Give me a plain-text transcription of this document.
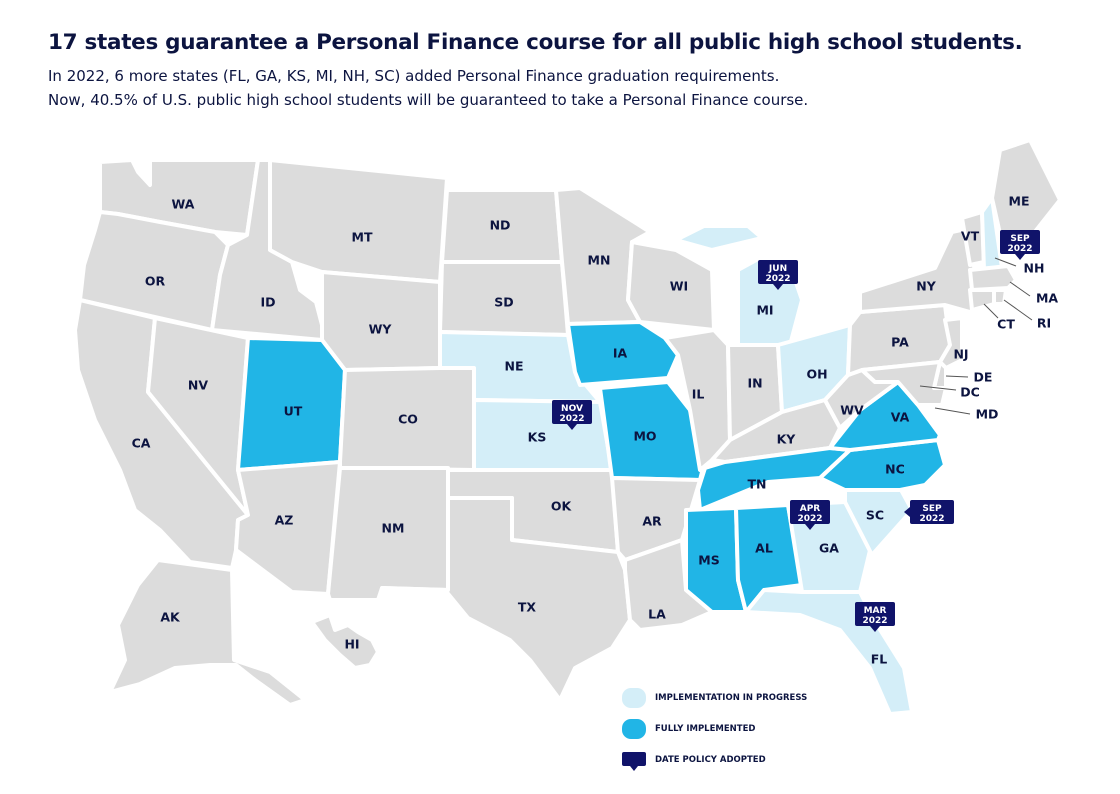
17 states guarantee a Personal Finance course for all public high school students.

In 2022, 6 more states (FL, GA, KS, MI, NH, SC) added Personal Finance graduation requirements.

Now, 40.5% of U.S. public high school students will be guaranteed to take a Personal Finance course.

WA
OR
CA
ID
NV
MT
WY
UT
AZ
CO
NM
ND
SD
NE
KS
OK
TX
MN
IA
MO
AR
LA
WI
IL
MI
IN
OH
KY
TN
MS
AL	GA
FL
SC
NC
VA
WV
PA
NY
VT
NH
ME
MA
RI
CT
NJ
DE
DC
MD
AK
HI
SEP
2022
JUN
2022
NOV
2022
APR
2022
SEP
2022
MAR
2022
IMPLEMENTATION IN PROGRESS
FULLY IMPLEMENTED
DATE POLICY ADOPTED
